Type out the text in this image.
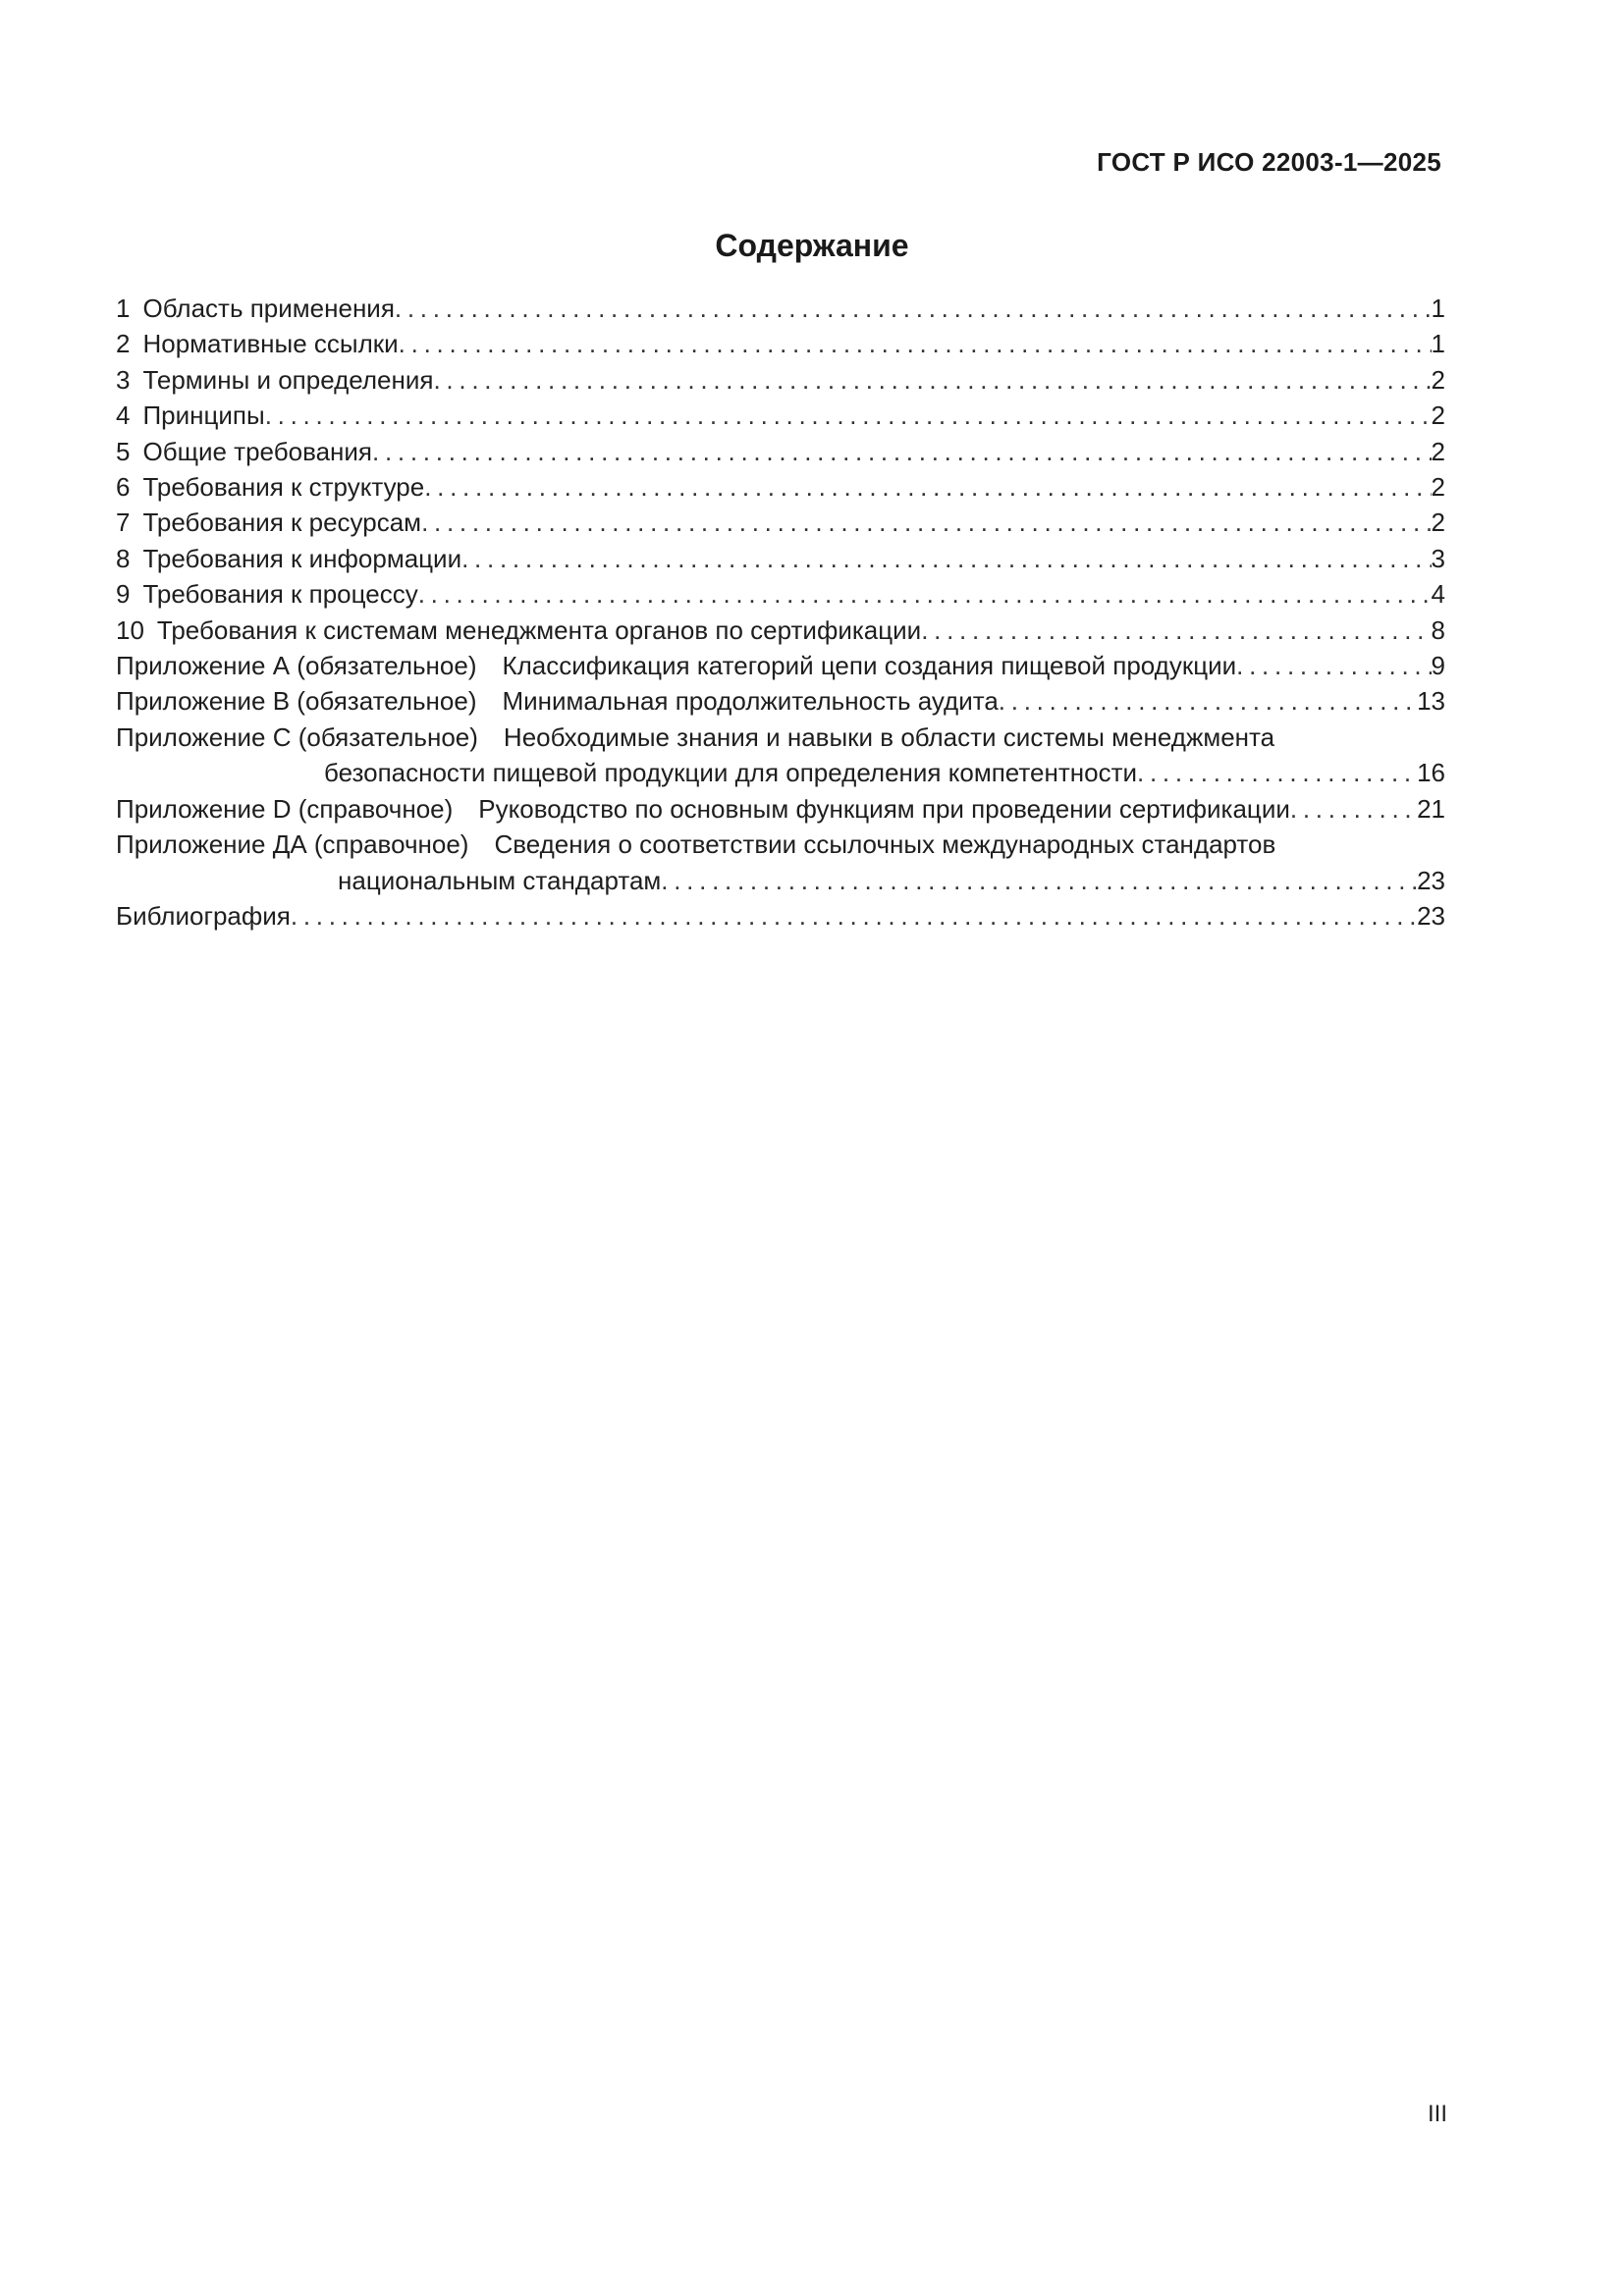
ГОСТ Р ИСО 22003-1—2025
Содержание
1 Область применения . . .	1
2 Нормативные ссылки . . .	1
3 Термины и определения . . .	2
4 Принципы . . .	2
5 Общие требования . . .	2
6 Требования к структуре . . .	2
7 Требования к ресурсам . . .	2
8 Требования к информации . . .	3
9 Требования к процессу . . .	4
10 Требования к системам менеджмента органов по сертификации . . .	8
Приложение А (обязательное) Классификация категорий цепи создания пищевой продукции . . .	9
Приложение В (обязательное) Минимальная продолжительность аудита . . .	13
Приложение С (обязательное) Необходимые знания и навыки в области системы менеджмента
безопасности пищевой продукции для определения компетентности . . .	16
Приложение D (справочное) Руководство по основным функциям при проведении сертификации . . .	21
Приложение ДА (справочное) Сведения о соответствии ссылочных международных стандартов
национальным стандартам . . .	23
Библиография . . .	23
III
